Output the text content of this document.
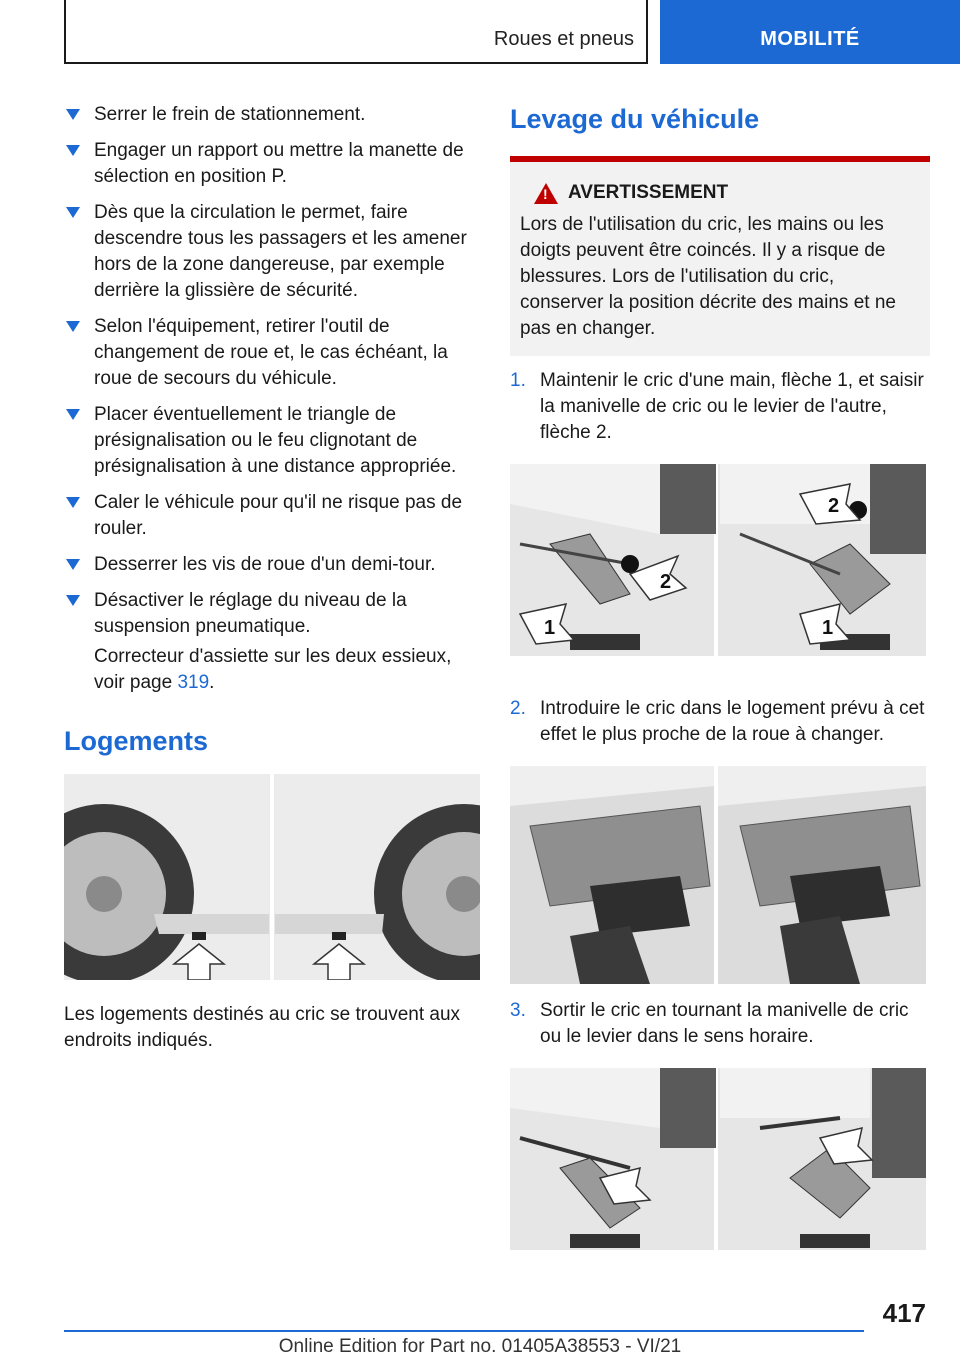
Roues et pneus	MOBILITÉ
Serrer le frein de stationnement.
Engager un rapport ou mettre la manette de sélection en position P.
Dès que la circulation le permet, faire descendre tous les passagers et les amener hors de la zone dangereuse, par exemple derrière la glissière de sécurité.
Selon l'équipement, retirer l'outil de changement de roue et, le cas échéant, la roue de secours du véhicule.
Placer éventuellement le triangle de présignalisation ou le feu clignotant de présignalisation à une distance appropriée.
Caler le véhicule pour qu'il ne risque pas de rouler.
Desserrer les vis de roue d'un demi-tour.
Désactiver le réglage du niveau de la suspension pneumatique.

Correcteur d'assiette sur les deux essieux, voir page 319.

Logements

Les logements destinés au cric se trouvent aux endroits indiqués.

Levage du véhicule
!
AVERTISSEMENT
Lors de l'utilisation du cric, les mains ou les doigts peuvent être coincés. Il y a risque de blessures. Lors de l'utilisation du cric, conserver la position décrite des mains et ne pas en changer.
1. Maintenir le cric d'une main, flèche 1, et saisir la manivelle de cric ou le levier de l'autre, flèche 2.
2
1
2
1
2. Introduire le cric dans le logement prévu à cet effet le plus proche de la roue à changer.
3. Sortir le cric en tournant la manivelle de cric ou le levier dans le sens horaire.
417
Online Edition for Part no. 01405A38553 - VI/21
